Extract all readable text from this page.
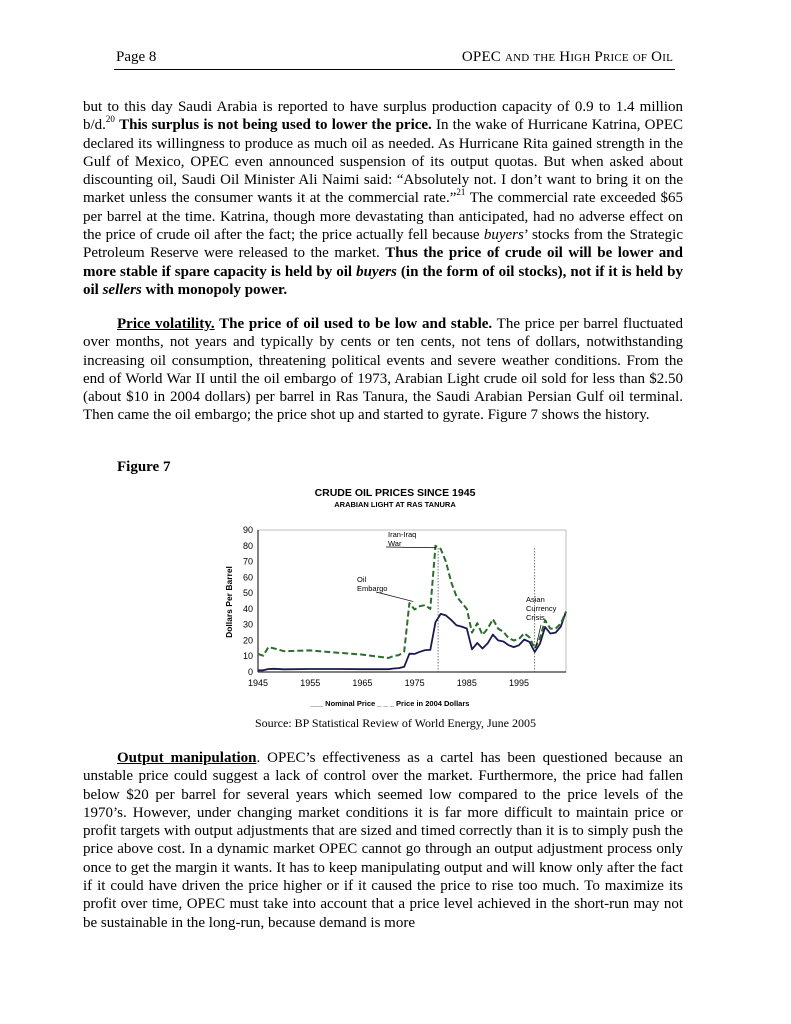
Page 8	OPEC and the High Price of Oil
but to this day Saudi Arabia is reported to have surplus production capacity of 0.9 to 1.4 million b/d.$^{20}$ This surplus is not being used to lower the price. In the wake of Hurricane Katrina, OPEC declared its willingness to produce as much oil as needed. As Hurricane Rita gained strength in the Gulf of Mexico, OPEC even announced suspension of its output quotas. But when asked about discounting oil, Saudi Oil Minister Ali Naimi said: “Absolutely not. I don’t want to bring it on the market unless the consumer wants it at the commercial rate.”$^{21}$ The commercial rate exceeded $65 per barrel at the time. Katrina, though more devastating than anticipated, had no adverse effect on the price of crude oil after the fact; the price actually fell because buyers’ stocks from the Strategic Petroleum Reserve were released to the market. Thus the price of crude oil will be lower and more stable if spare capacity is held by oil buyers (in the form of oil stocks), not if it is held by oil sellers with monopoly power.
Price volatility. The price of oil used to be low and stable. The price per barrel fluctuated over months, not years and typically by cents or ten cents, not tens of dollars, notwithstanding increasing oil consumption, threatening political events and severe weather conditions. From the end of World War II until the oil embargo of 1973, Arabian Light crude oil sold for less than $2.50 (about $10 in 2004 dollars) per barrel in Ras Tanura, the Saudi Arabian Persian Gulf oil terminal. Then came the oil embargo; the price shot up and started to gyrate. Figure 7 shows the history.
Figure 7
CRUDE OIL PRICES SINCE 1945
ARABIAN LIGHT AT RAS TANURA
Dollars Per Barrel
0
10
20
30
40
50
60
70
80
90
1945	1955	1965	1975	1985	1995
Iran-Iraq
War
Oil
Embargo
Asian
Currency
Crisis
___ Nominal Price _ _ _ Price in 2004 Dollars
Source: BP Statistical Review of World Energy, June 2005
Output manipulation. OPEC’s effectiveness as a cartel has been questioned because an unstable price could suggest a lack of control over the market. Furthermore, the price had fallen below $20 per barrel for several years which seemed low compared to the price levels of the 1970’s. However, under changing market conditions it is far more difficult to maintain price or profit targets with output adjustments that are sized and timed correctly than it is to simply push the price above cost. In a dynamic market OPEC cannot go through an output adjustment process only once to get the margin it wants. It has to keep manipulating output and will know only after the fact if it could have driven the price higher or if it caused the price to rise too much. To maximize its profit over time, OPEC must take into account that a price level achieved in the short-run may not be sustainable in the long-run, because demand is more
